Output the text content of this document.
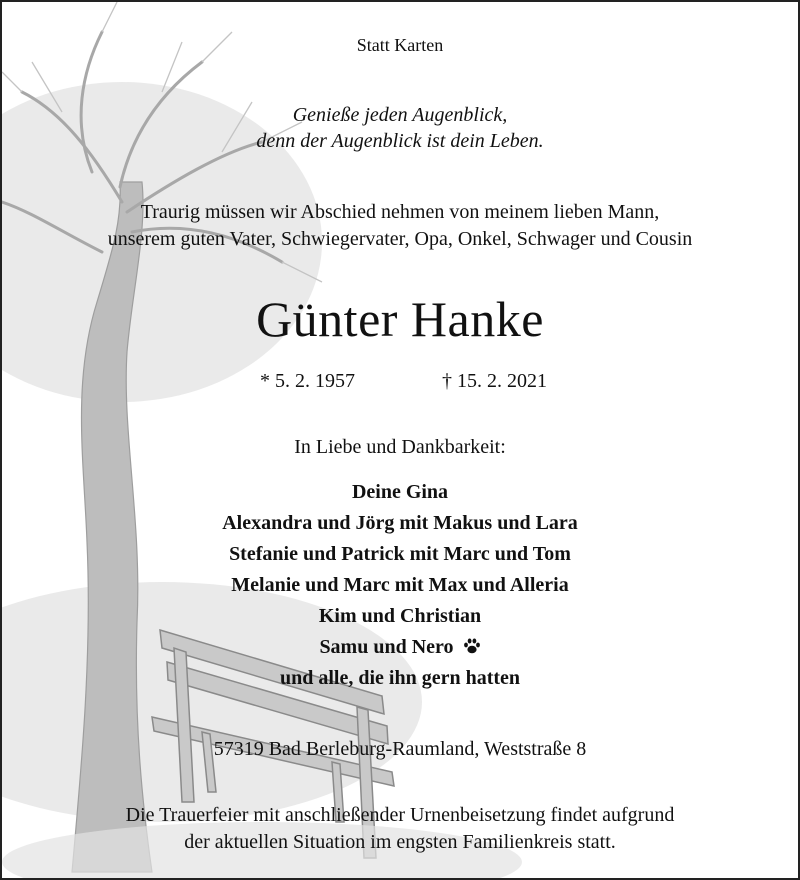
Statt Karten
Genieße jeden Augenblick,
denn der Augenblick ist dein Leben.
Traurig müssen wir Abschied nehmen von meinem lieben Mann,
unserem guten Vater, Schwiegervater, Opa, Onkel, Schwager und Cousin
Günter Hanke
* 5. 2. 1957	† 15. 2. 2021
In Liebe und Dankbarkeit:
Deine Gina
Alexandra und Jörg mit Makus und Lara
Stefanie und Patrick mit Marc und Tom
Melanie und Marc mit Max und Alleria
Kim und Christian
Samu und Nero
und alle, die ihn gern hatten
57319 Bad Berleburg-Raumland, Weststraße 8
Die Trauerfeier mit anschließender Urnenbeisetzung findet aufgrund
der aktuellen Situation im engsten Familienkreis statt.
